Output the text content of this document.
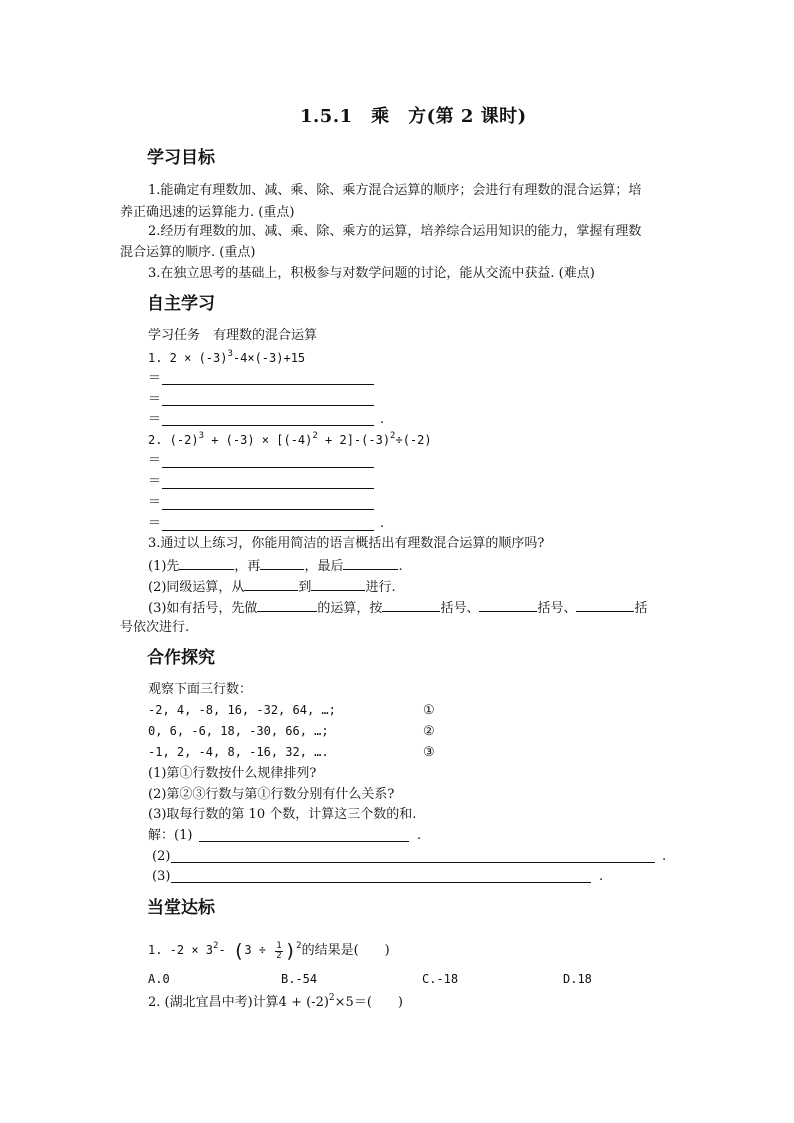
1.5.1　乘　方(第 2 课时)
学习目标
1.能确定有理数加、减、乘、除、乘方混合运算的顺序；会进行有理数的混合运算；培
养正确迅速的运算能力. (重点)
2.经历有理数的加、减、乘、除、乘方的运算，培养综合运用知识的能力，掌握有理数
混合运算的顺序. (重点)
3.在独立思考的基础上，积极参与对数学问题的讨论，能从交流中获益. (难点)
自主学习
学习任务　有理数的混合运算
1. $2 \times (-3)^3-4\times(-3)+15$
＝
＝
＝	.
2. $(-2)^3 + (-3) \times [(-4)^2 + 2]-(-3)^2\div(-2)$
＝
＝
＝
＝	.
3.通过以上练习，你能用简洁的语言概括出有理数混合运算的顺序吗?
(1)先	，再	，最后	.
(2)同级运算，从	到	进行.
(3)如有括号，先做	的运算，按	括号、	括号、	括
号依次进行.
合作探究
观察下面三行数：
-2, 4, -8, 16, -32, 64, …;	①
0, 6, -6, 18, -30, 66, …;	②
-1, 2, -4, 8, -16, 32, ….	③
(1)第①行数按什么规律排列?
(2)第②③行数与第①行数分别有什么关系?
(3)取每行数的第 10 个数，计算这三个数的和.
解：(1)	.
(2)	.
(3)	.
当堂达标
1. $-2 \times 3^2-$ $(3 \div \frac{1}{2} )^2$的结果是(　　)
A.0	B.-54	C.-18	D.18
2. (湖北宜昌中考)计算$4 + (-2)^2\times 5=$(　　)
